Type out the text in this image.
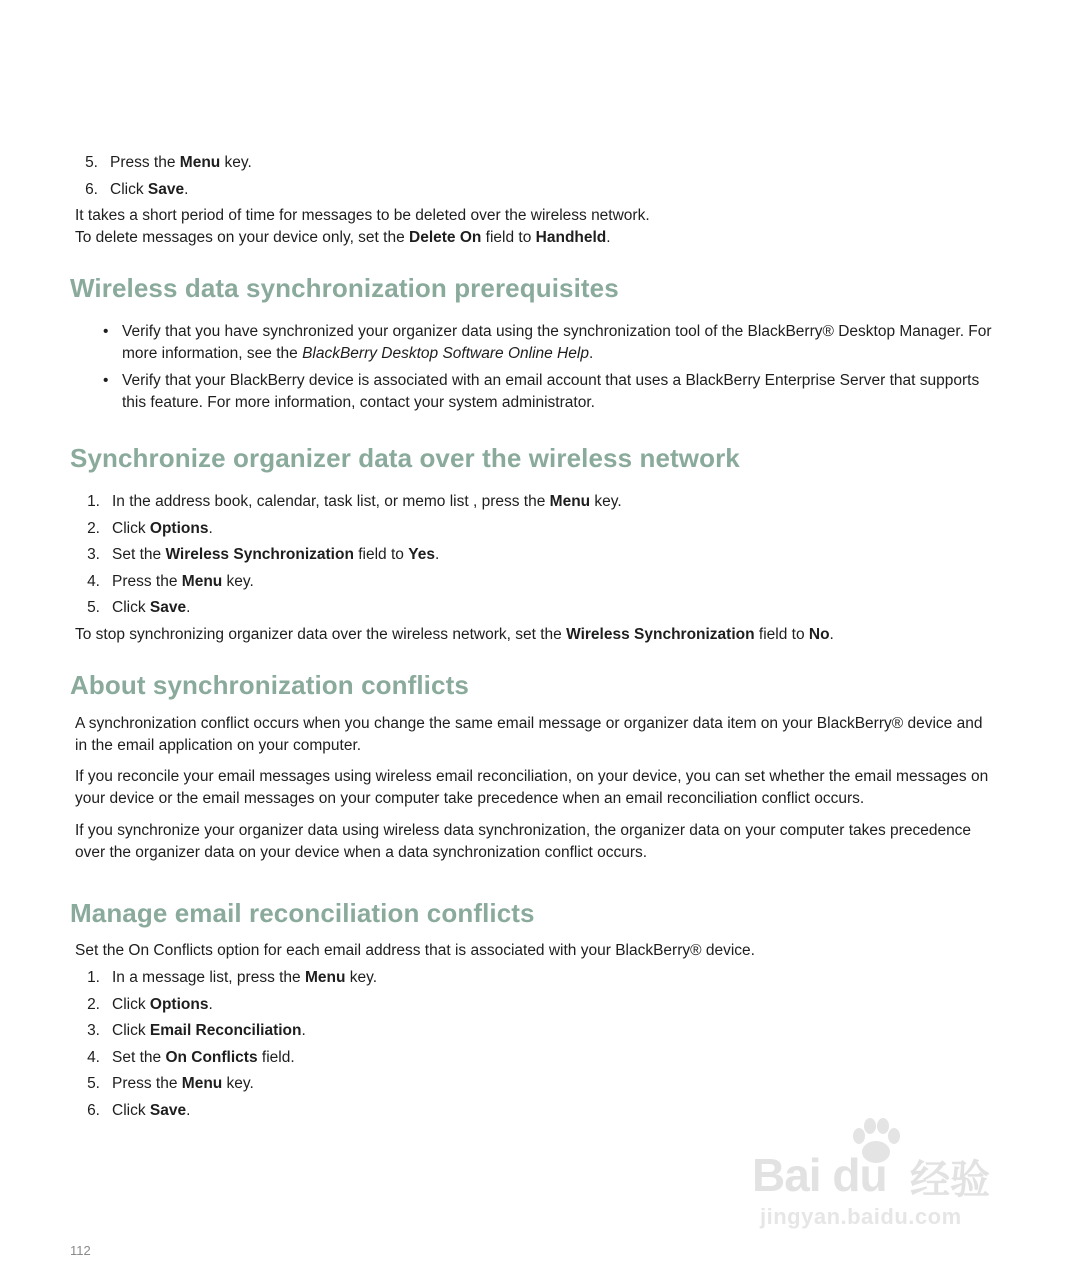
5. Press the Menu key.
6. Click Save.

It takes a short period of time for messages to be deleted over the wireless network.

To delete messages on your device only, set the Delete On field to Handheld.

Wireless data synchronization prerequisites
• Verify that you have synchronized your organizer data using the synchronization tool of the BlackBerry® Desktop Manager. For more information, see the BlackBerry Desktop Software Online Help.
• Verify that your BlackBerry device is associated with an email account that uses a BlackBerry Enterprise Server that supports this feature. For more information, contact your system administrator.
Synchronize organizer data over the wireless network
1. In the address book, calendar, task list, or memo list , press the Menu key.
2. Click Options.
3. Set the Wireless Synchronization field to Yes.
4. Press the Menu key.
5. Click Save.

To stop synchronizing organizer data over the wireless network, set the Wireless Synchronization field to No.

About synchronization conflicts

A synchronization conflict occurs when you change the same email message or organizer data item on your BlackBerry® device and in the email application on your computer.

If you reconcile your email messages using wireless email reconciliation, on your device, you can set whether the email messages on your device or the email messages on your computer take precedence when an email reconciliation conflict occurs.

If you synchronize your organizer data using wireless data synchronization, the organizer data on your computer takes precedence over the organizer data on your device when a data synchronization conflict occurs.

Manage email reconciliation conflicts

Set the On Conflicts option for each email address that is associated with your BlackBerry® device.

1. In a message list, press the Menu key.
2. Click Options.
3. Click Email Reconciliation.
4. Set the On Conflicts field.
5. Press the Menu key.
6. Click Save.
Bai du 经验
jingyan.baidu.com
112
